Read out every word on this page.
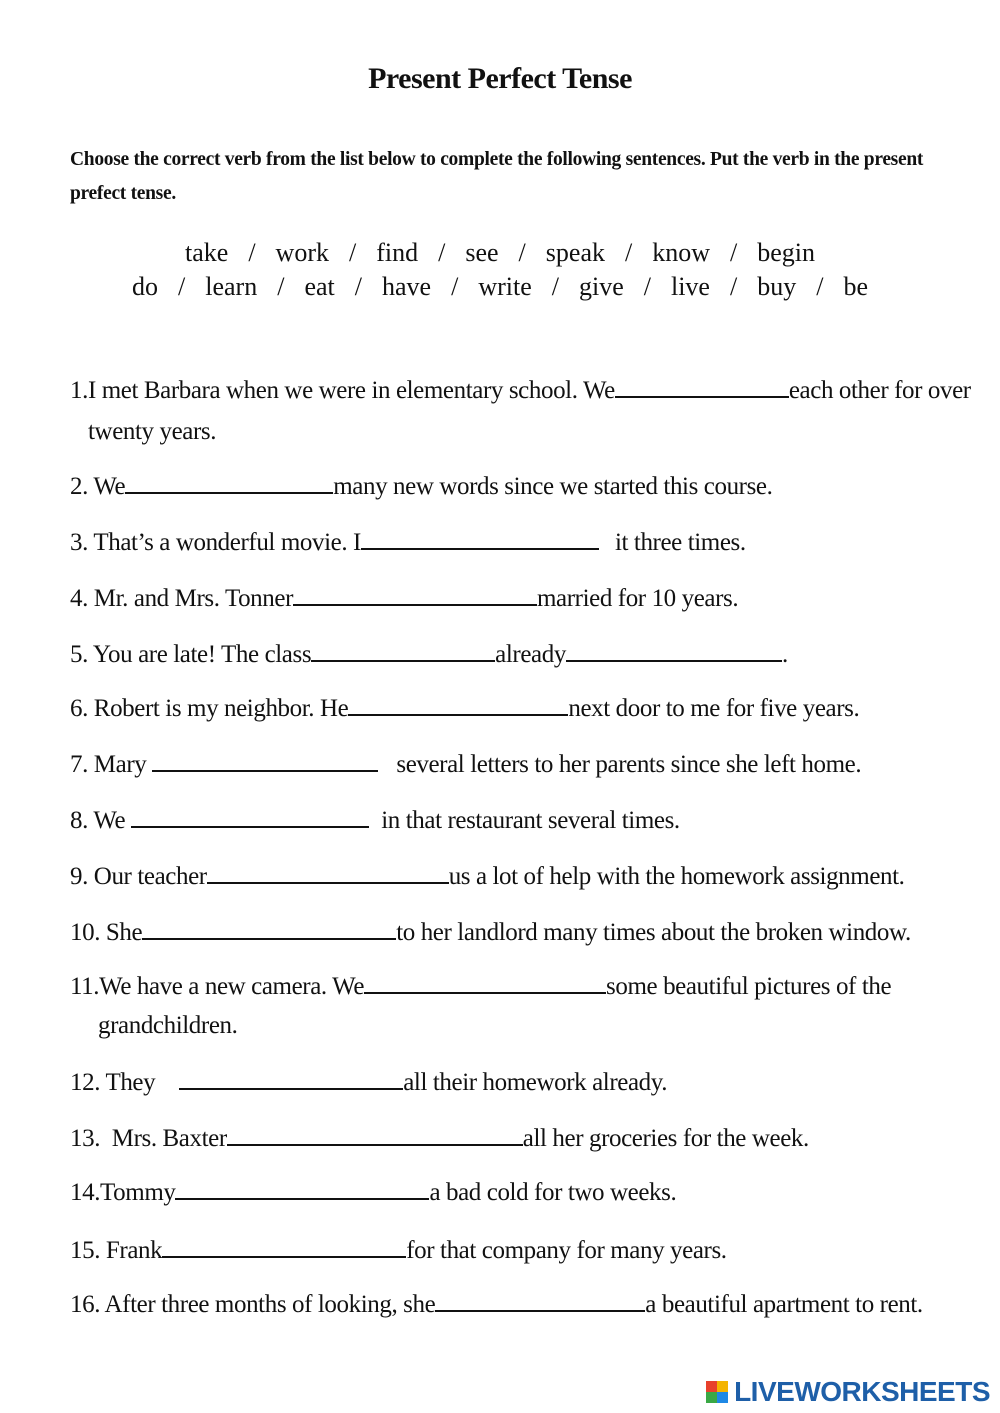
Present Perfect Tense
Choose the correct verb from the list below to complete the following sentences. Put the verb in the present prefect tense.
take / work / find / see / speak / know / begin
do / learn / eat / have / write / give / live / buy / be
1.I met Barbara when we were in elementary school. We	each other for over
twenty years.
2. We	many new words since we started this course.
3. That’s a wonderful movie. I	it three times.
4. Mr. and Mrs. Tonner	married for 10 years.
5. You are late! The class	already	.
6. Robert is my neighbor. He	next door to me for five years.
7. Mary	several letters to her parents since she left home.
8. We	in that restaurant several times.
9. Our teacher	us a lot of help with the homework assignment.
10. She	to her landlord many times about the broken window.
11.We have a new camera. We	some beautiful pictures of the
grandchildren.
12. They	all their homework already.
13.  Mrs. Baxter	all her groceries for the week.
14.Tommy	a bad cold for two weeks.
15. Frank	for that company for many years.
16. After three months of looking, she	a beautiful apartment to rent.
LIVEWORKSHEETS
